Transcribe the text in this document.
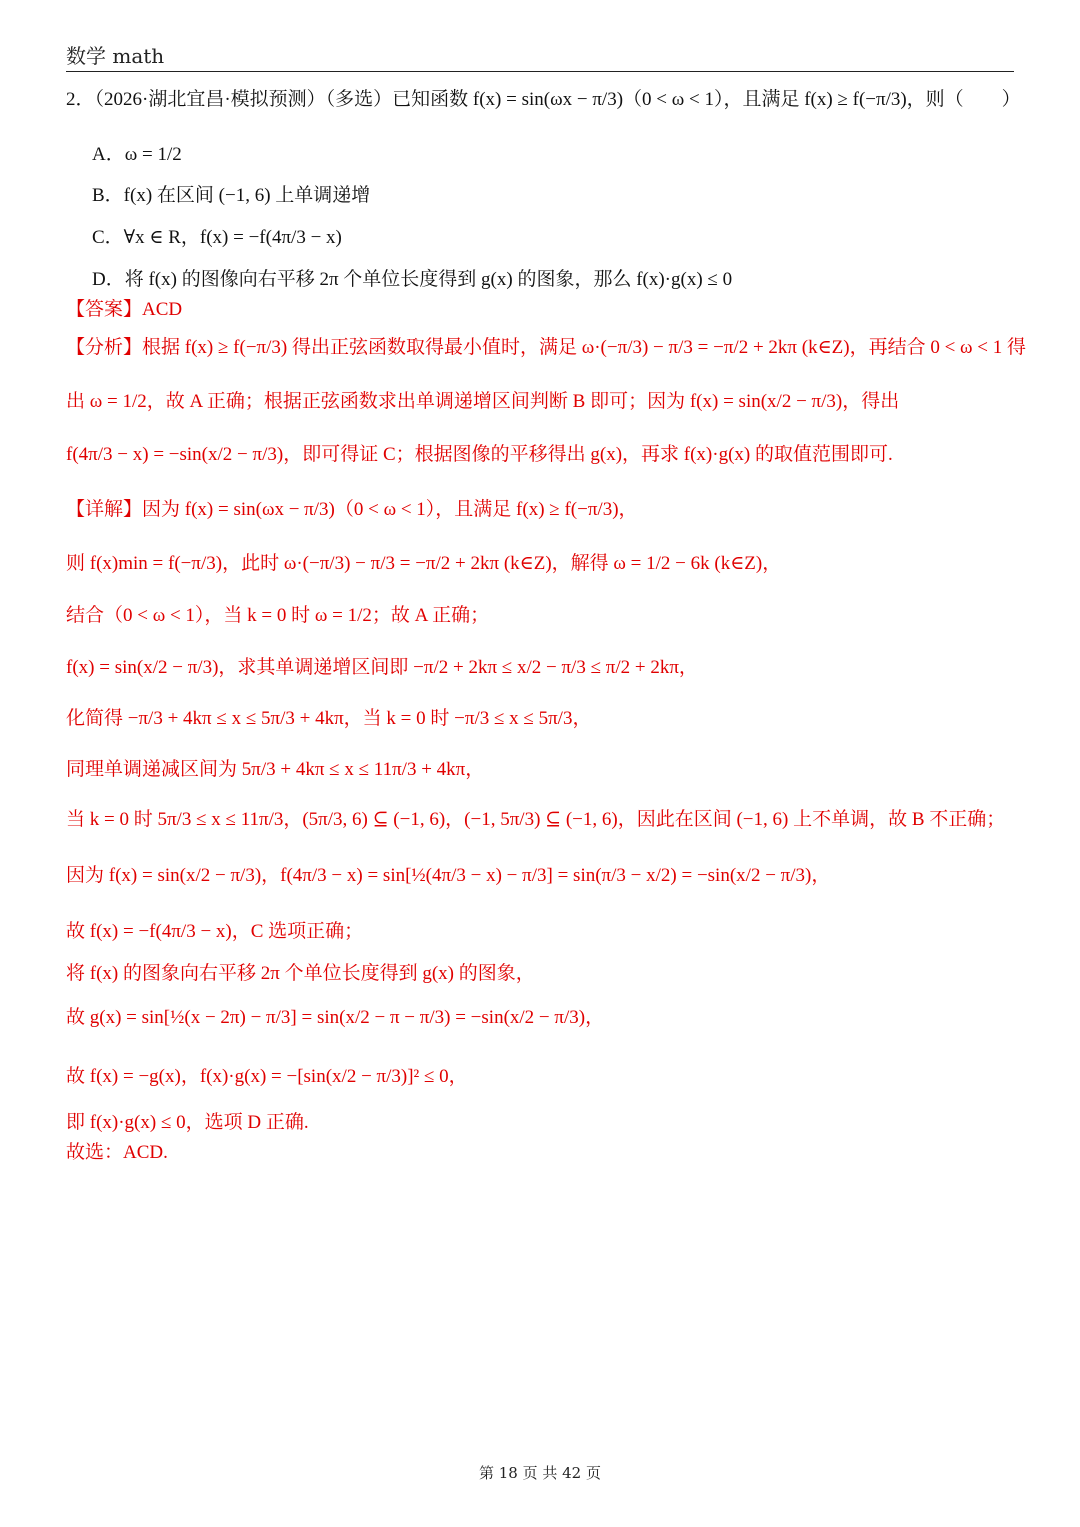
数学 math
2．（2026·湖北宜昌·模拟预测）（多选）已知函数 f(x) = sin(ωx − π/3)（0 < ω < 1），且满足 f(x) ≥ f(−π/3)，则（　　）
A．ω = 1/2
B．f(x) 在区间 (−1, 6) 上单调递增
C．∀x ∈ R，f(x) = −f(4π/3 − x)
D．将 f(x) 的图像向右平移 2π 个单位长度得到 g(x) 的图象，那么 f(x)·g(x) ≤ 0
【答案】ACD
【分析】根据 f(x) ≥ f(−π/3) 得出正弦函数取得最小值时，满足 ω·(−π/3) − π/3 = −π/2 + 2kπ (k∈Z)，再结合 0 < ω < 1 得
出 ω = 1/2，故 A 正确；根据正弦函数求出单调递增区间判断 B 即可；因为 f(x) = sin(x/2 − π/3)，得出
f(4π/3 − x) = −sin(x/2 − π/3)，即可得证 C；根据图像的平移得出 g(x)，再求 f(x)·g(x) 的取值范围即可.
【详解】因为 f(x) = sin(ωx − π/3)（0 < ω < 1），且满足 f(x) ≥ f(−π/3)，
则 f(x)min = f(−π/3)，此时 ω·(−π/3) − π/3 = −π/2 + 2kπ (k∈Z)，解得 ω = 1/2 − 6k (k∈Z)，
结合（0 < ω < 1），当 k = 0 时 ω = 1/2；故 A 正确；
f(x) = sin(x/2 − π/3)，求其单调递增区间即 −π/2 + 2kπ ≤ x/2 − π/3 ≤ π/2 + 2kπ，
化简得 −π/3 + 4kπ ≤ x ≤ 5π/3 + 4kπ，当 k = 0 时 −π/3 ≤ x ≤ 5π/3，
同理单调递减区间为 5π/3 + 4kπ ≤ x ≤ 11π/3 + 4kπ，
当 k = 0 时 5π/3 ≤ x ≤ 11π/3，(5π/3, 6) ⊆ (−1, 6)，(−1, 5π/3) ⊆ (−1, 6)，因此在区间 (−1, 6) 上不单调，故 B 不正确；
因为 f(x) = sin(x/2 − π/3)，f(4π/3 − x) = sin[½(4π/3 − x) − π/3] = sin(π/3 − x/2) = −sin(x/2 − π/3)，
故 f(x) = −f(4π/3 − x)，C 选项正确；
将 f(x) 的图象向右平移 2π 个单位长度得到 g(x) 的图象，
故 g(x) = sin[½(x − 2π) − π/3] = sin(x/2 − π − π/3) = −sin(x/2 − π/3)，
故 f(x) = −g(x)，f(x)·g(x) = −[sin(x/2 − π/3)]² ≤ 0，
即 f(x)·g(x) ≤ 0，选项 D 正确.
故选：ACD.
第 18 页 共 42 页
